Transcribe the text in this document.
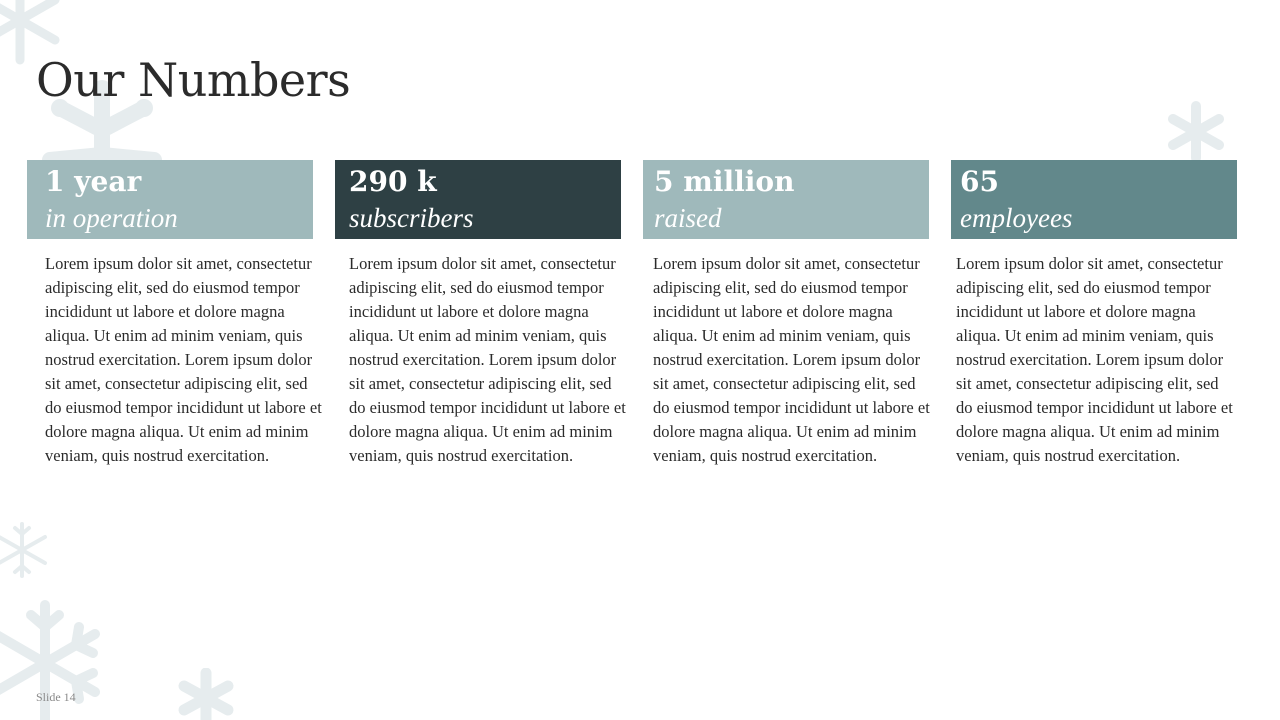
Our Numbers
1 year
in operation
Lorem ipsum dolor sit amet, consectetur adipiscing elit, sed do eiusmod tempor incididunt ut labore et dolore magna aliqua. Ut enim ad minim veniam, quis nostrud exercitation. Lorem ipsum dolor sit amet, consectetur adipiscing elit, sed do eiusmod tempor incididunt ut labore et dolore magna aliqua. Ut enim ad minim veniam, quis nostrud exercitation.
290 k
subscribers
Lorem ipsum dolor sit amet, consectetur adipiscing elit, sed do eiusmod tempor incididunt ut labore et dolore magna aliqua. Ut enim ad minim veniam, quis nostrud exercitation. Lorem ipsum dolor sit amet, consectetur adipiscing elit, sed do eiusmod tempor incididunt ut labore et dolore magna aliqua. Ut enim ad minim veniam, quis nostrud exercitation.
5 million
raised
Lorem ipsum dolor sit amet, consectetur adipiscing elit, sed do eiusmod tempor incididunt ut labore et dolore magna aliqua. Ut enim ad minim veniam, quis nostrud exercitation. Lorem ipsum dolor sit amet, consectetur adipiscing elit, sed do eiusmod tempor incididunt ut labore et dolore magna aliqua. Ut enim ad minim veniam, quis nostrud exercitation.
65
employees
Lorem ipsum dolor sit amet, consectetur adipiscing elit, sed do eiusmod tempor incididunt ut labore et dolore magna aliqua. Ut enim ad minim veniam, quis nostrud exercitation. Lorem ipsum dolor sit amet, consectetur adipiscing elit, sed do eiusmod tempor incididunt ut labore et dolore magna aliqua. Ut enim ad minim veniam, quis nostrud exercitation.
Slide 14
